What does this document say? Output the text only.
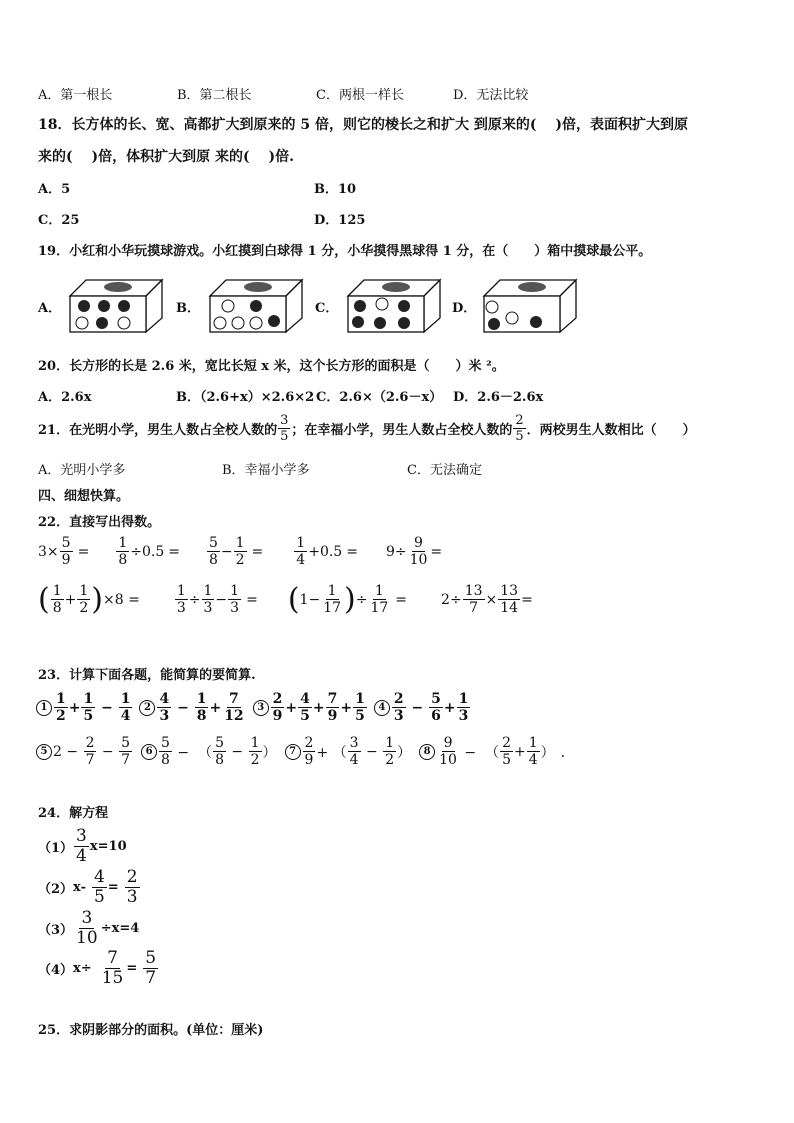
A．第一根长	B．第二根长	C．两根一样长	D．无法比较
18．长方体的长、宽、高都扩大到原来的 5 倍，则它的棱长之和扩大 到原来的(　 )倍，表面积扩大到原
来的(　 )倍，体积扩大到原 来的(　 )倍.
A．5	B．10
C．25	D．125
19．小红和小华玩摸球游戏。小红摸到白球得 1 分，小华摸得黑球得 1 分，在（　　）箱中摸球最公平。
A．	B．	C．	D．
20．长方形的长是 2.6 米，宽比长短 x 米，这个长方形的面积是（　　）米 ²。
A．2.6x	B．（2.6+x）×2.6×2 C．2.6×（2.6－x） D．2.6－2.6x
21．在光明小学，男生人数占全校人数的 $\frac{3}{5}$ ；在幸福小学，男生人数占全校人数的 $\frac{2}{5}$ ．两校男生人数相比（　　）
A．光明小学多	B．幸福小学多	C．无法确定
四、细想快算。
22．直接写出得数。
$3 \times \frac{5}{9} = \frac{1}{8} \div 0.5 = \frac{5}{8} - \frac{1}{2} = \frac{1}{4} + 0.5 = 9 \div \frac{9}{10}$ =
( $\frac{1}{8} + \frac{1}{2}$ ) ×8 =	$\frac{1}{3} \div \frac{1}{3} - \frac{1}{3}$ = ( $1 - \frac{1}{17}$ ) ÷ $\frac{1}{17} = 2 \div \frac{13}{7} \times \frac{13}{14}$ =
23．计算下面各题，能简算的要简算.
$1 \frac{1}{2} + \frac{1}{5} - \frac{1}{4}$	$2 \frac{4}{3} - \frac{1}{8} + \frac{7}{12}$	$3 \frac{2}{9} + \frac{4}{5} + \frac{7}{9} + \frac{1}{5}$	$4 \frac{2}{3} - \frac{5}{6} + \frac{1}{3}$
5 $2 - \frac{2}{7} - \frac{5}{7}$	$6 \frac{5}{8}$ −  （ $\frac{5}{8} - \frac{1}{2}$ ）	$7 \frac{2}{9}$ + （ $\frac{3}{4} - \frac{1}{2}$ ）	$8 \frac{9}{10}$ −  （ $\frac{2}{5} + \frac{1}{4}$ ） ．
24．解方程
$(1) \frac{3}{4} x=10$
（2） $x- \frac{4}{5} = \frac{2}{3}$
$(3) \frac{3}{10} \div x=4$
（4） $x\div \frac{7}{15} = \frac{5}{7}$
25．求阴影部分的面积。(单位：厘米)
